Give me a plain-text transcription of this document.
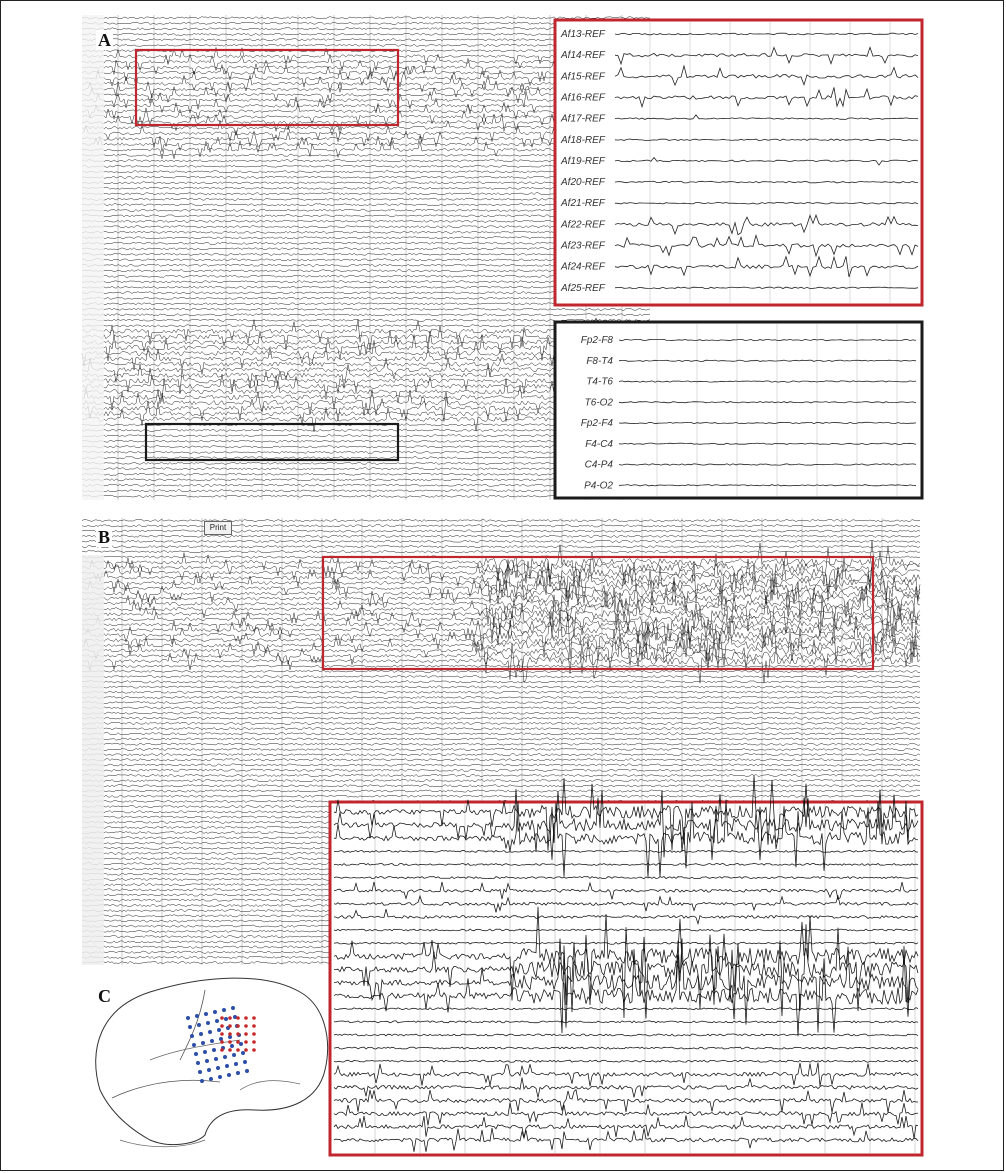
Af13-REF
Af14-REF
Af15-REF
Af16-REF
Af17-REF
Af18-REF
Af19-REF
Af20-REF
Af21-REF
Af22-REF
Af23-REF
Af24-REF
Af25-REF
Fp2-F8
F8-T4
T4-T6
T6-O2
Fp2-F4
F4-C4
C4-P4
P4-O2
A
B
C
Print
